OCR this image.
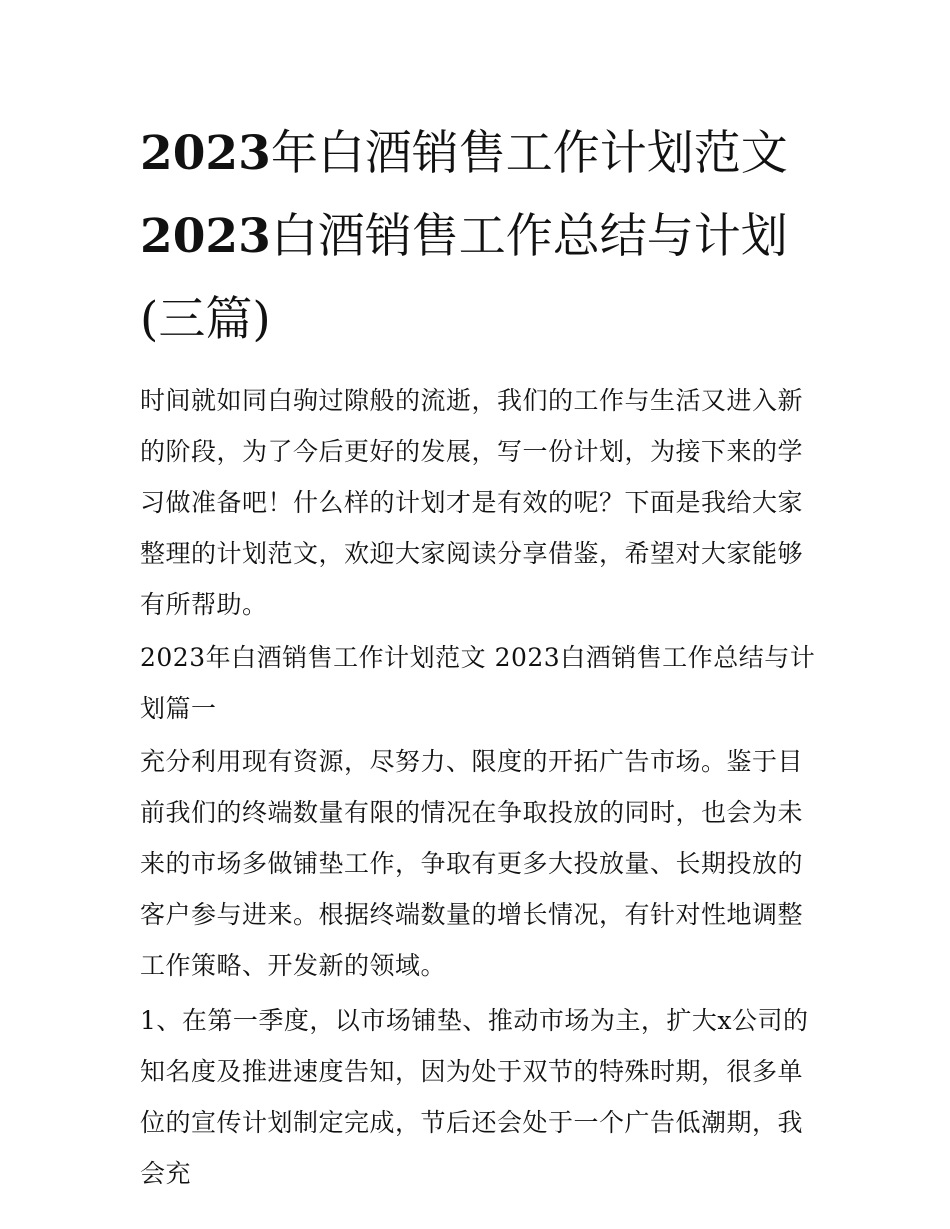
2023年白酒销售工作计划范文
2023白酒销售工作总结与计划
(三篇)

时间就如同白驹过隙般的流逝，我们的工作与生活又进入新的阶段，为了今后更好的发展，写一份计划，为接下来的学习做准备吧！什么样的计划才是有效的呢？下面是我给大家整理的计划范文，欢迎大家阅读分享借鉴，希望对大家能够有所帮助。

2023年白酒销售工作计划范文 2023白酒销售工作总结与计划篇一

充分利用现有资源，尽努力、限度的开拓广告市场。鉴于目前我们的终端数量有限的情况在争取投放的同时，也会为未来的市场多做铺垫工作，争取有更多大投放量、长期投放的客户参与进来。根据终端数量的增长情况，有针对性地调整工作策略、开发新的领域。

1、在第一季度，以市场铺垫、推动市场为主，扩大x公司的知名度及推进速度告知，因为处于双节的特殊时期，很多单位的宣传计划制定完成，节后还会处于一个广告低潮期，我会充
